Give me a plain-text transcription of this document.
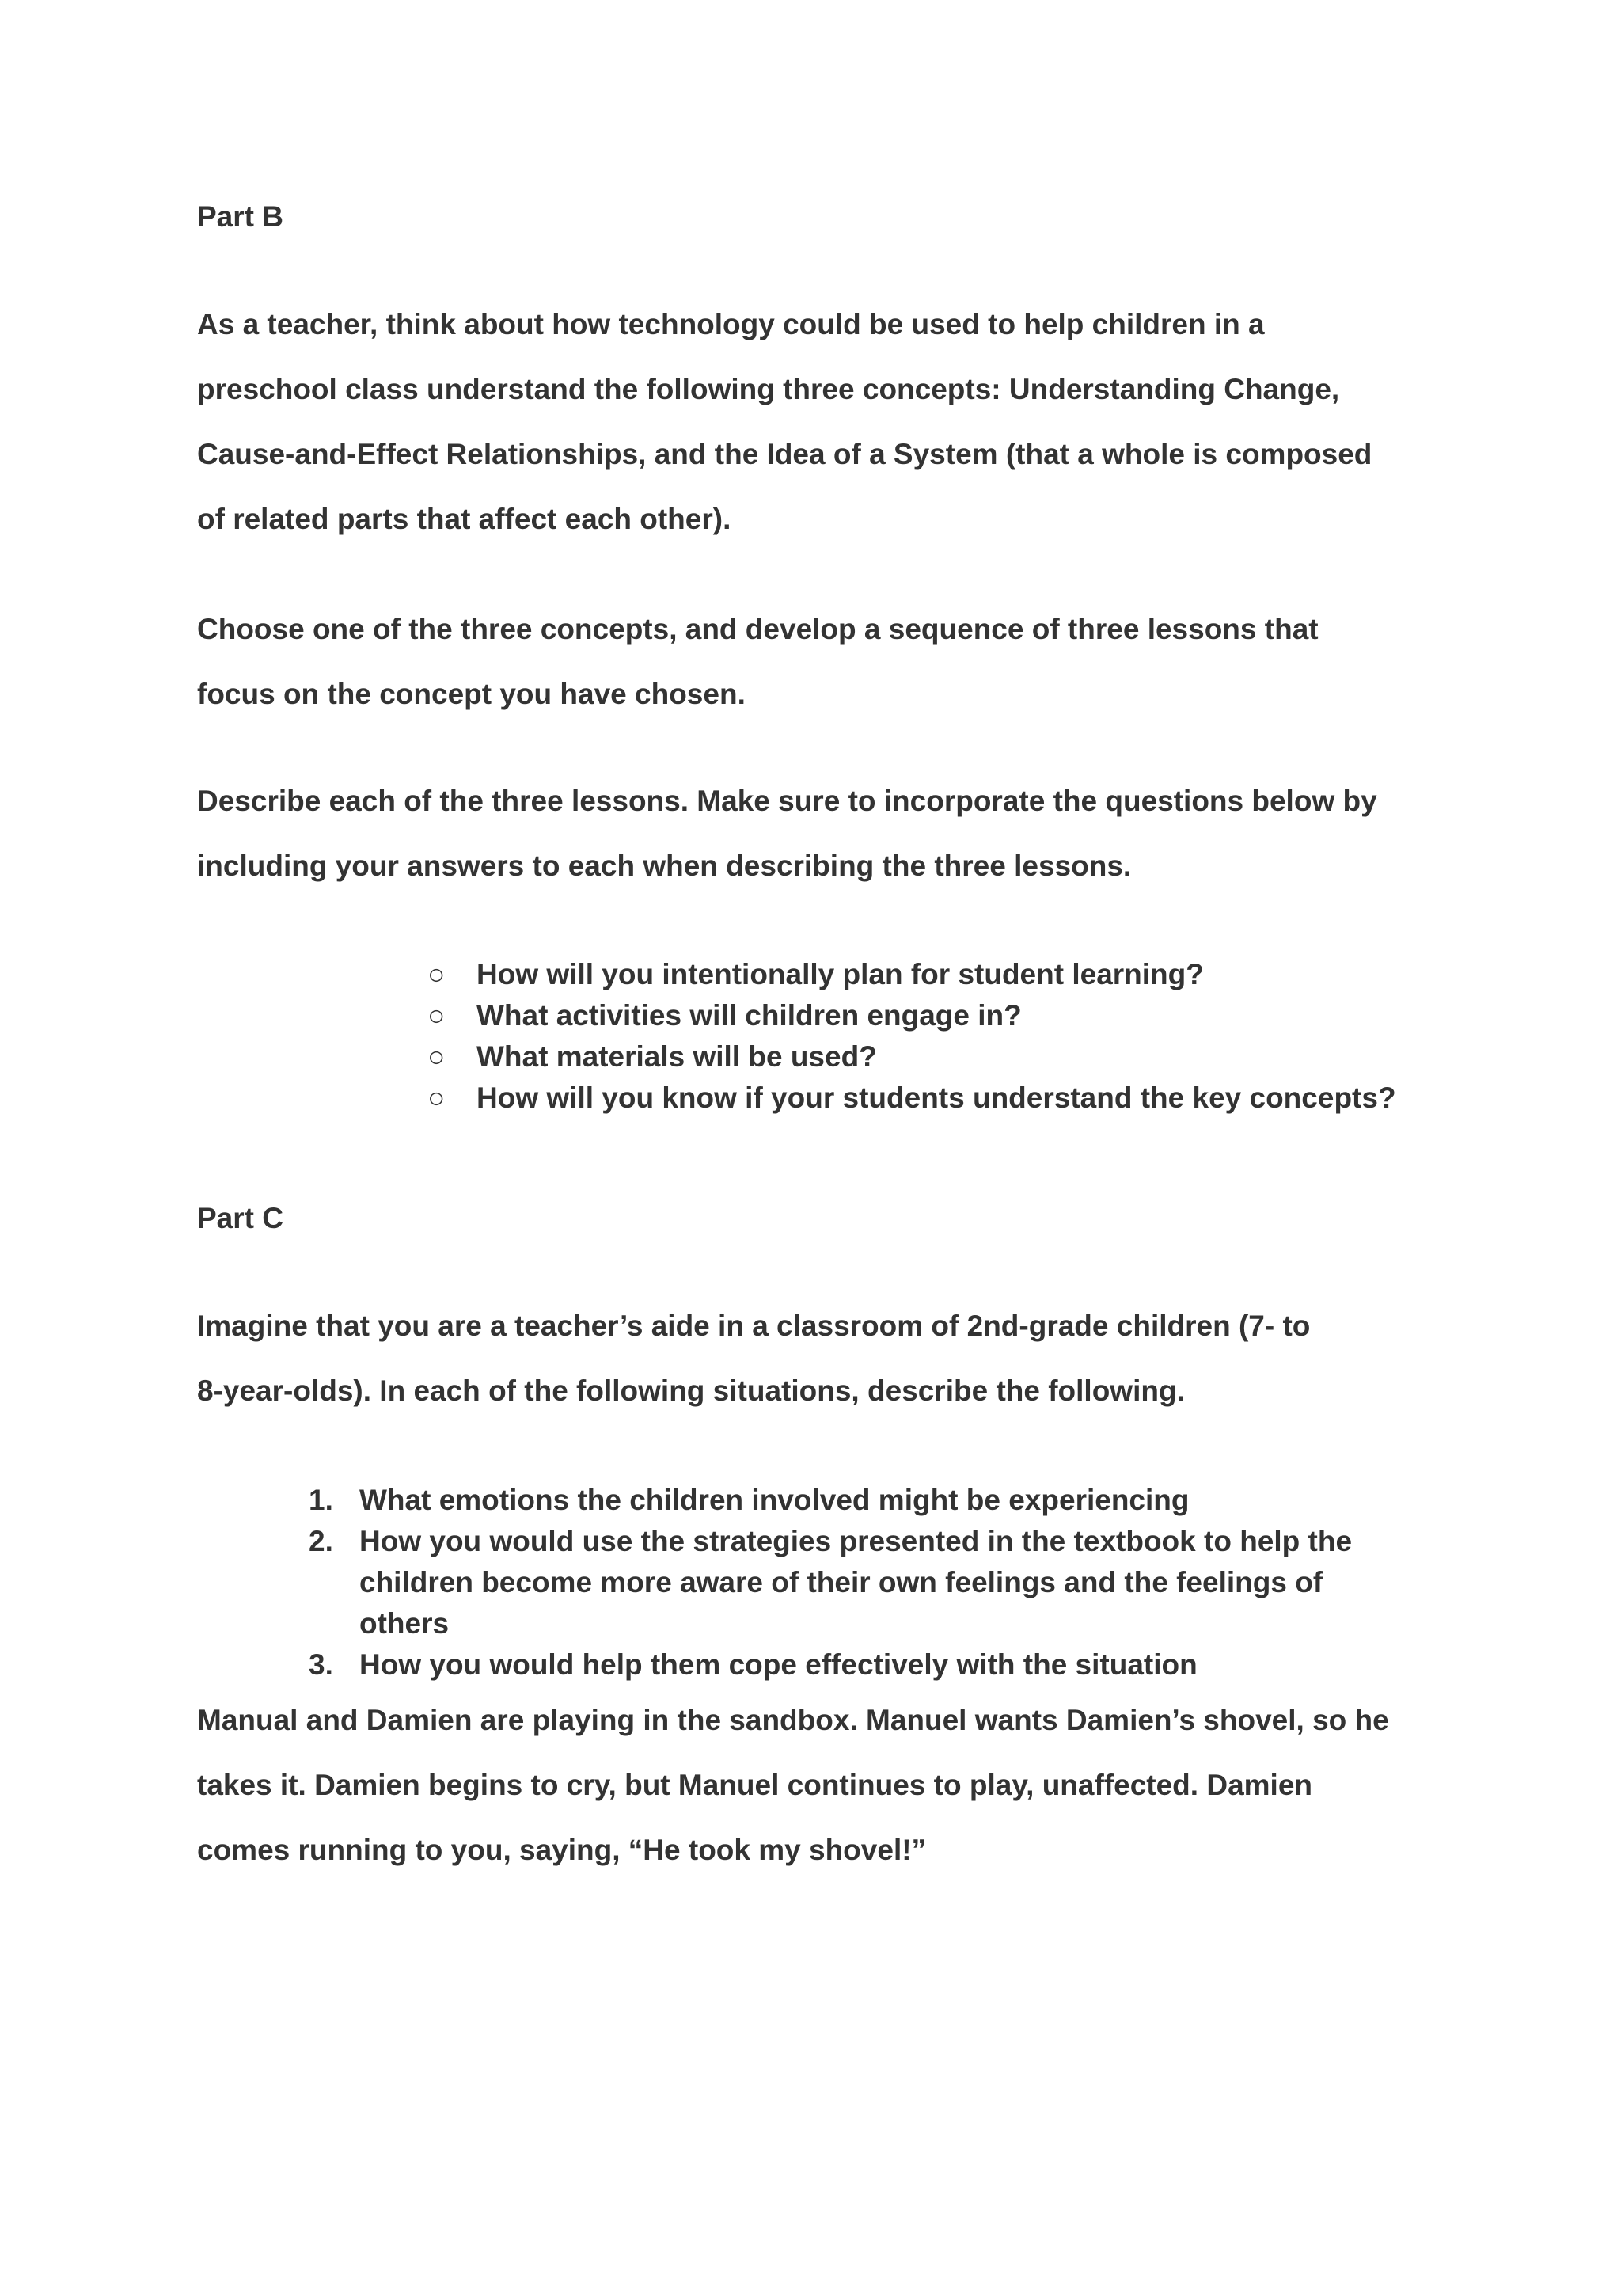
Part B

As a teacher, think about how technology could be used to help children in a

preschool class understand the following three concepts: Understanding Change,

Cause-and-Effect Relationships, and the Idea of a System (that a whole is composed

of related parts that affect each other).

Choose one of the three concepts, and develop a sequence of three lessons that

focus on the concept you have chosen.

Describe each of the three lessons. Make sure to incorporate the questions below by

including your answers to each when describing the three lessons.

○ How will you intentionally plan for student learning?
○ What activities will children engage in?
○ What materials will be used?
○ How will you know if your students understand the key concepts?
Part C

Imagine that you are a teacher’s aide in a classroom of 2nd-grade children (7- to

8-year-olds). In each of the following situations, describe the following.

1. What emotions the children involved might be experiencing
2. How you would use the strategies presented in the textbook to help the
children become more aware of their own feelings and the feelings of
others
3. How you would help them cope effectively with the situation

Manual and Damien are playing in the sandbox. Manuel wants Damien’s shovel, so he

takes it. Damien begins to cry, but Manuel continues to play, unaffected. Damien

comes running to you, saying, “He took my shovel!”
